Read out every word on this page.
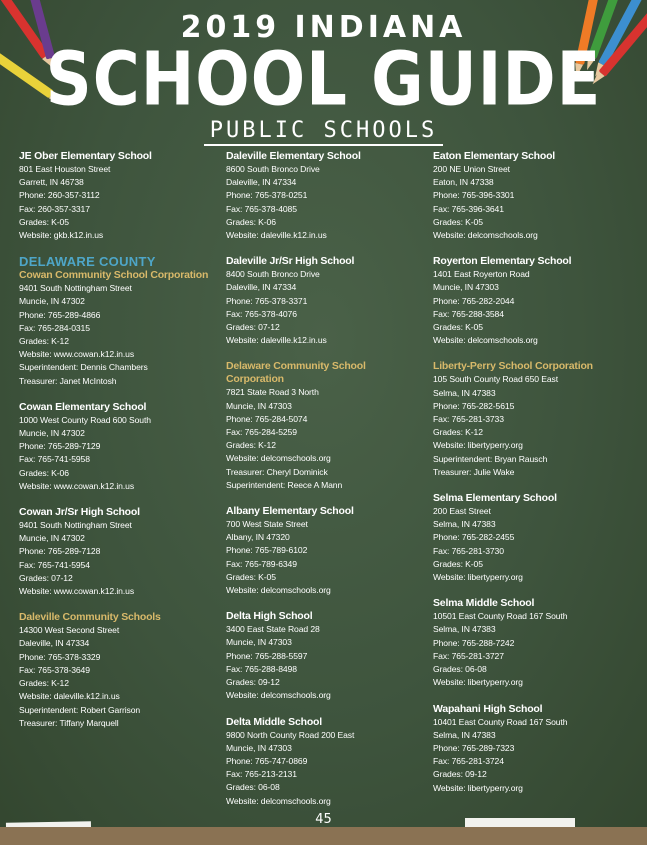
2019 INDIANA
SCHOOL GUIDE
PUBLIC SCHOOLS
JE Ober Elementary School
801 East Houston Street
Garrett, IN 46738
Phone: 260-357-3112
Fax: 260-357-3317
Grades: K-05
Website: gkb.k12.in.us
DELAWARE COUNTY
Cowan Community School Corporation
9401 South Nottingham Street
Muncie, IN 47302
Phone: 765-289-4866
Fax: 765-284-0315
Grades: K-12
Website: www.cowan.k12.in.us
Superintendent: Dennis Chambers
Treasurer: Janet McIntosh
Cowan Elementary School
1000 West County Road 600 South
Muncie, IN 47302
Phone: 765-289-7129
Fax: 765-741-5958
Grades: K-06
Website: www.cowan.k12.in.us
Cowan Jr/Sr High School
9401 South Nottingham Street
Muncie, IN 47302
Phone: 765-289-7128
Fax: 765-741-5954
Grades: 07-12
Website: www.cowan.k12.in.us
Daleville Community Schools
14300 West Second Street
Daleville, IN 47334
Phone: 765-378-3329
Fax: 765-378-3649
Grades: K-12
Website: daleville.k12.in.us
Superintendent: Robert Garrison
Treasurer: Tiffany Marquell
Daleville Elementary School
8600 South Bronco Drive
Daleville, IN 47334
Phone: 765-378-0251
Fax: 765-378-4085
Grades: K-06
Website: daleville.k12.in.us
Daleville Jr/Sr High School
8400 South Bronco Drive
Daleville, IN 47334
Phone: 765-378-3371
Fax: 765-378-4076
Grades: 07-12
Website: daleville.k12.in.us
Delaware Community School Corporation
7821 State Road 3 North
Muncie, IN 47303
Phone: 765-284-5074
Fax: 765-284-5259
Grades: K-12
Website: delcomschools.org
Treasurer: Cheryl Dominick
Superintendent: Reece A Mann
Albany Elementary School
700 West State Street
Albany, IN 47320
Phone: 765-789-6102
Fax: 765-789-6349
Grades: K-05
Website: delcomschools.org
Delta High School
3400 East State Road 28
Muncie, IN 47303
Phone: 765-288-5597
Fax: 765-288-8498
Grades: 09-12
Website: delcomschools.org
Delta Middle School
9800 North County Road 200 East
Muncie, IN 47303
Phone: 765-747-0869
Fax: 765-213-2131
Grades: 06-08
Website: delcomschools.org
Eaton Elementary School
200 NE Union Street
Eaton, IN 47338
Phone: 765-396-3301
Fax: 765-396-3641
Grades: K-05
Website: delcomschools.org
Royerton Elementary School
1401 East Royerton Road
Muncie, IN 47303
Phone: 765-282-2044
Fax: 765-288-3584
Grades: K-05
Website: delcomschools.org
Liberty-Perry School Corporation
105 South County Road 650 East
Selma, IN 47383
Phone: 765-282-5615
Fax: 765-281-3733
Grades: K-12
Website: libertyperry.org
Superintendent: Bryan Rausch
Treasurer: Julie Wake
Selma Elementary School
200 East Street
Selma, IN 47383
Phone: 765-282-2455
Fax: 765-281-3730
Grades: K-05
Website: libertyperry.org
Selma Middle School
10501 East County Road 167 South
Selma, IN 47383
Phone: 765-288-7242
Fax: 765-281-3727
Grades: 06-08
Website: libertyperry.org
Wapahani High School
10401 East County Road 167 South
Selma, IN 47383
Phone: 765-289-7323
Fax: 765-281-3724
Grades: 09-12
Website: libertyperry.org
45
